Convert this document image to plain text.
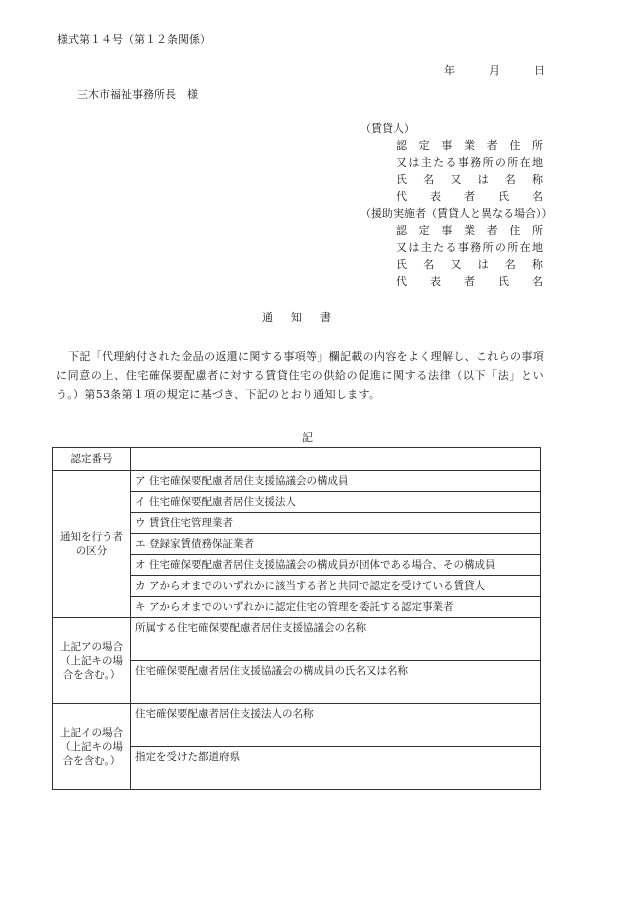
様式第１４号（第１２条関係）
年	月	日
三木市福祉事務所長　様
（賃貸人）
認定事業者住所
又は主たる事務所の所在地
氏名又は名称
代表者氏名
（援助実施者（賃貸人と異なる場合））
認定事業者住所
又は主たる事務所の所在地
氏名又は名称
代表者氏名
通知書
下記「代理納付された金品の返還に関する事項等」欄記載の内容をよく理解し、これらの事項に同意の上、住宅確保要配慮者に対する賃貸住宅の供給の促進に関する法律（以下「法」という。）第53条第１項の規定に基づき、下記のとおり通知します。
記
認定番号	

通知を行う者の区分	ア 住宅確保要配慮者居住支援協議会の構成員
	イ 住宅確保要配慮者居住支援法人
	ウ 賃貸住宅管理業者
	エ 登録家賃債務保証業者
	オ 住宅確保要配慮者居住支援協議会の構成員が団体である場合、その構成員
	カ アからオまでのいずれかに該当する者と共同で認定を受けている賃貸人
	キ アからオまでのいずれかに認定住宅の管理を委託する認定事業者

上記アの場合（上記キの場合を含む。）	所属する住宅確保要配慮者居住支援協議会の名称
	住宅確保要配慮者居住支援協議会の構成員の氏名又は名称

上記イの場合（上記キの場合を含む。）	住宅確保要配慮者居住支援法人の名称
	指定を受けた都道府県
